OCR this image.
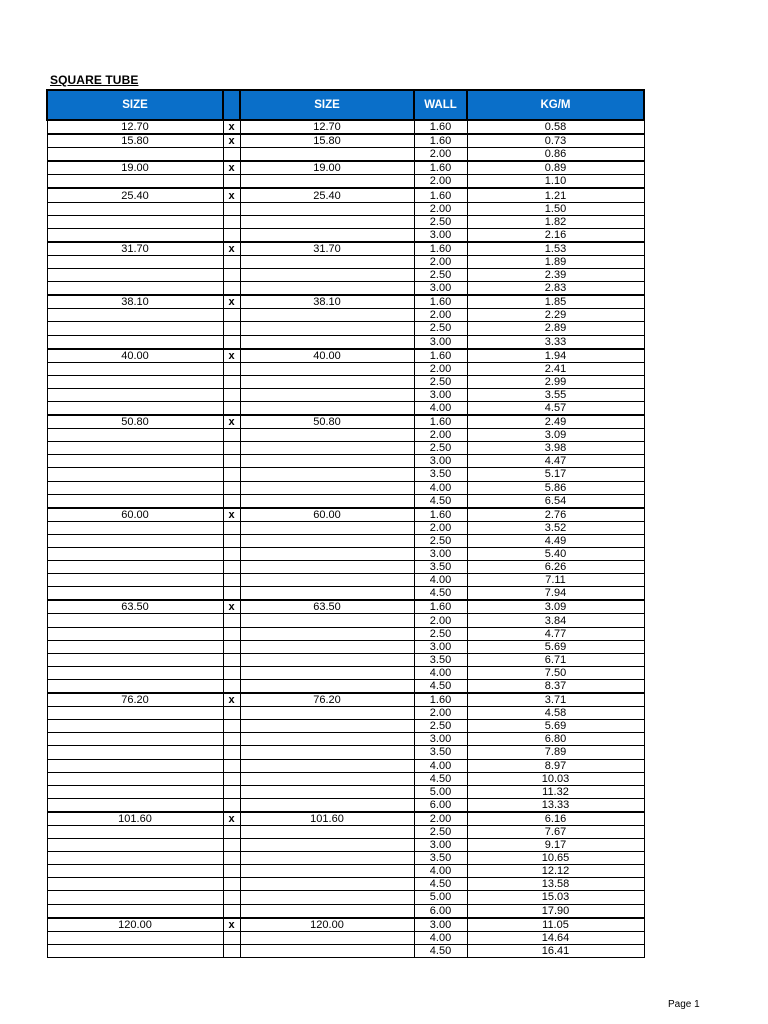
SQUARE TUBE
SIZE		SIZE	WALL	KG/M
12.70	x	12.70	1.60	0.58
15.80	x	15.80	1.60	0.73
			2.00	0.86
19.00	x	19.00	1.60	0.89
			2.00	1.10
25.40	x	25.40	1.60	1.21
			2.00	1.50
			2.50	1.82
			3.00	2.16
31.70	x	31.70	1.60	1.53
			2.00	1.89
			2.50	2.39
			3.00	2.83
38.10	x	38.10	1.60	1.85
			2.00	2.29
			2.50	2.89
			3.00	3.33
40.00	x	40.00	1.60	1.94
			2.00	2.41
			2.50	2.99
			3.00	3.55
			4.00	4.57
50.80	x	50.80	1.60	2.49
			2.00	3.09
			2.50	3.98
			3.00	4.47
			3.50	5.17
			4.00	5.86
			4.50	6.54
60.00	x	60.00	1.60	2.76
			2.00	3.52
			2.50	4.49
			3.00	5.40
			3.50	6.26
			4.00	7.11
			4.50	7.94
63.50	x	63.50	1.60	3.09
			2.00	3.84
			2.50	4.77
			3.00	5.69
			3.50	6.71
			4.00	7.50
			4.50	8.37
76.20	x	76.20	1.60	3.71
			2.00	4.58
			2.50	5.69
			3.00	6.80
			3.50	7.89
			4.00	8.97
			4.50	10.03
			5.00	11.32
			6.00	13.33
101.60	x	101.60	2.00	6.16
			2.50	7.67
			3.00	9.17
			3.50	10.65
			4.00	12.12
			4.50	13.58
			5.00	15.03
			6.00	17.90
120.00	x	120.00	3.00	11.05
			4.00	14.64
			4.50	16.41
Page 1
